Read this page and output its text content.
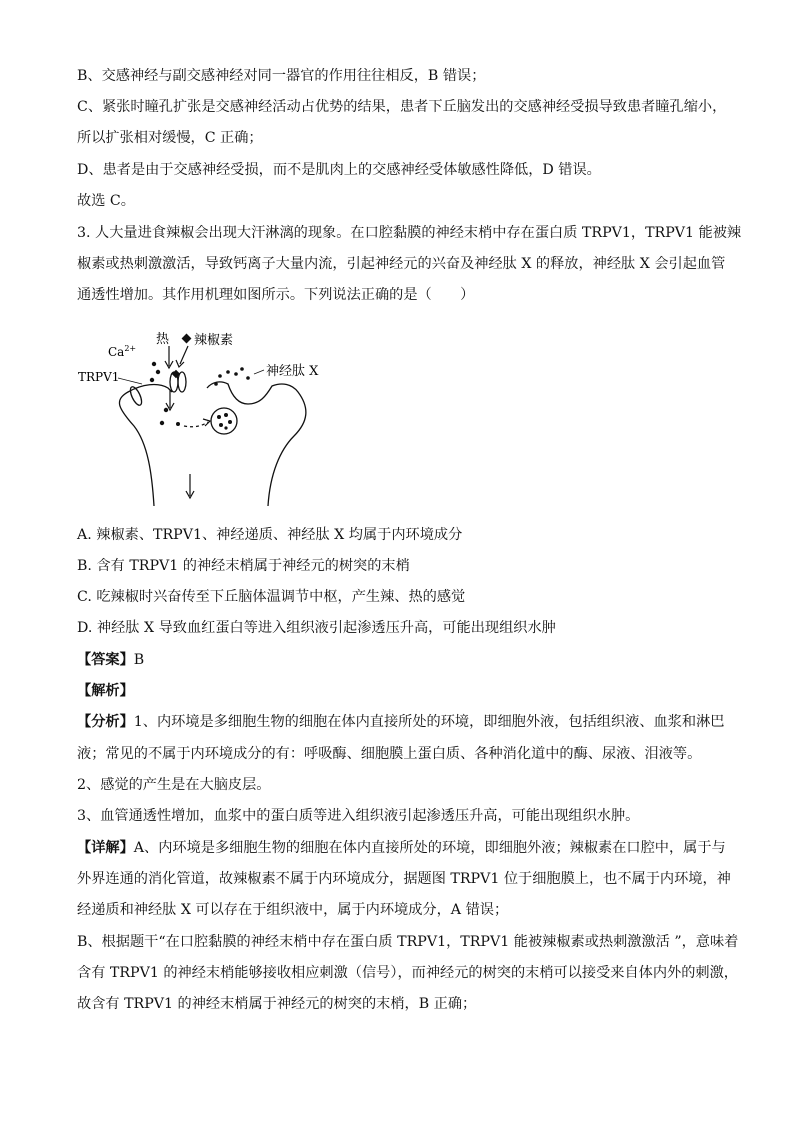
B、交感神经与副交感神经对同一器官的作用往往相反，B 错误；
C、紧张时瞳孔扩张是交感神经活动占优势的结果，患者下丘脑发出的交感神经受损导致患者瞳孔缩小，
所以扩张相对缓慢，C 正确；
D、患者是由于交感神经受损，而不是肌肉上的交感神经受体敏感性降低，D 错误。
故选 C。
3. 人大量进食辣椒会出现大汗淋漓的现象。在口腔黏膜的神经末梢中存在蛋白质 TRPV1，TRPV1 能被辣
椒素或热刺激激活，导致钙离子大量内流，引起神经元的兴奋及神经肽 X 的释放，神经肽 X 会引起血管
通透性增加。其作用机理如图所示。下列说法正确的是（　　）
热 辣椒素
$Ca^{2+}$
TRPV1	神经肽 X
A. 辣椒素、TRPV1、神经递质、神经肽 X 均属于内环境成分
B. 含有 TRPV1 的神经末梢属于神经元的树突的末梢
C. 吃辣椒时兴奋传至下丘脑体温调节中枢，产生辣、热的感觉
D. 神经肽 X 导致血红蛋白等进入组织液引起渗透压升高，可能出现组织水肿
【答案】B
【解析】
【分析】1、内环境是多细胞生物的细胞在体内直接所处的环境，即细胞外液，包括组织液、血浆和淋巴
液；常见的不属于内环境成分的有：呼吸酶、细胞膜上蛋白质、各种消化道中的酶、尿液、泪液等。
2、感觉的产生是在大脑皮层。
3、血管通透性增加，血浆中的蛋白质等进入组织液引起渗透压升高，可能出现组织水肿。
【详解】A、内环境是多细胞生物的细胞在体内直接所处的环境，即细胞外液；辣椒素在口腔中，属于与
外界连通的消化管道，故辣椒素不属于内环境成分，据题图 TRPV1 位于细胞膜上，也不属于内环境，神
经递质和神经肽 X 可以存在于组织液中，属于内环境成分，A 错误；
B、根据题干“在口腔黏膜的神经末梢中存在蛋白质 TRPV1，TRPV1 能被辣椒素或热刺激激活 ”，意味着
含有 TRPV1 的神经末梢能够接收相应刺激（信号），而神经元的树突的末梢可以接受来自体内外的刺激，
故含有 TRPV1 的神经末梢属于神经元的树突的末梢，B 正确；
